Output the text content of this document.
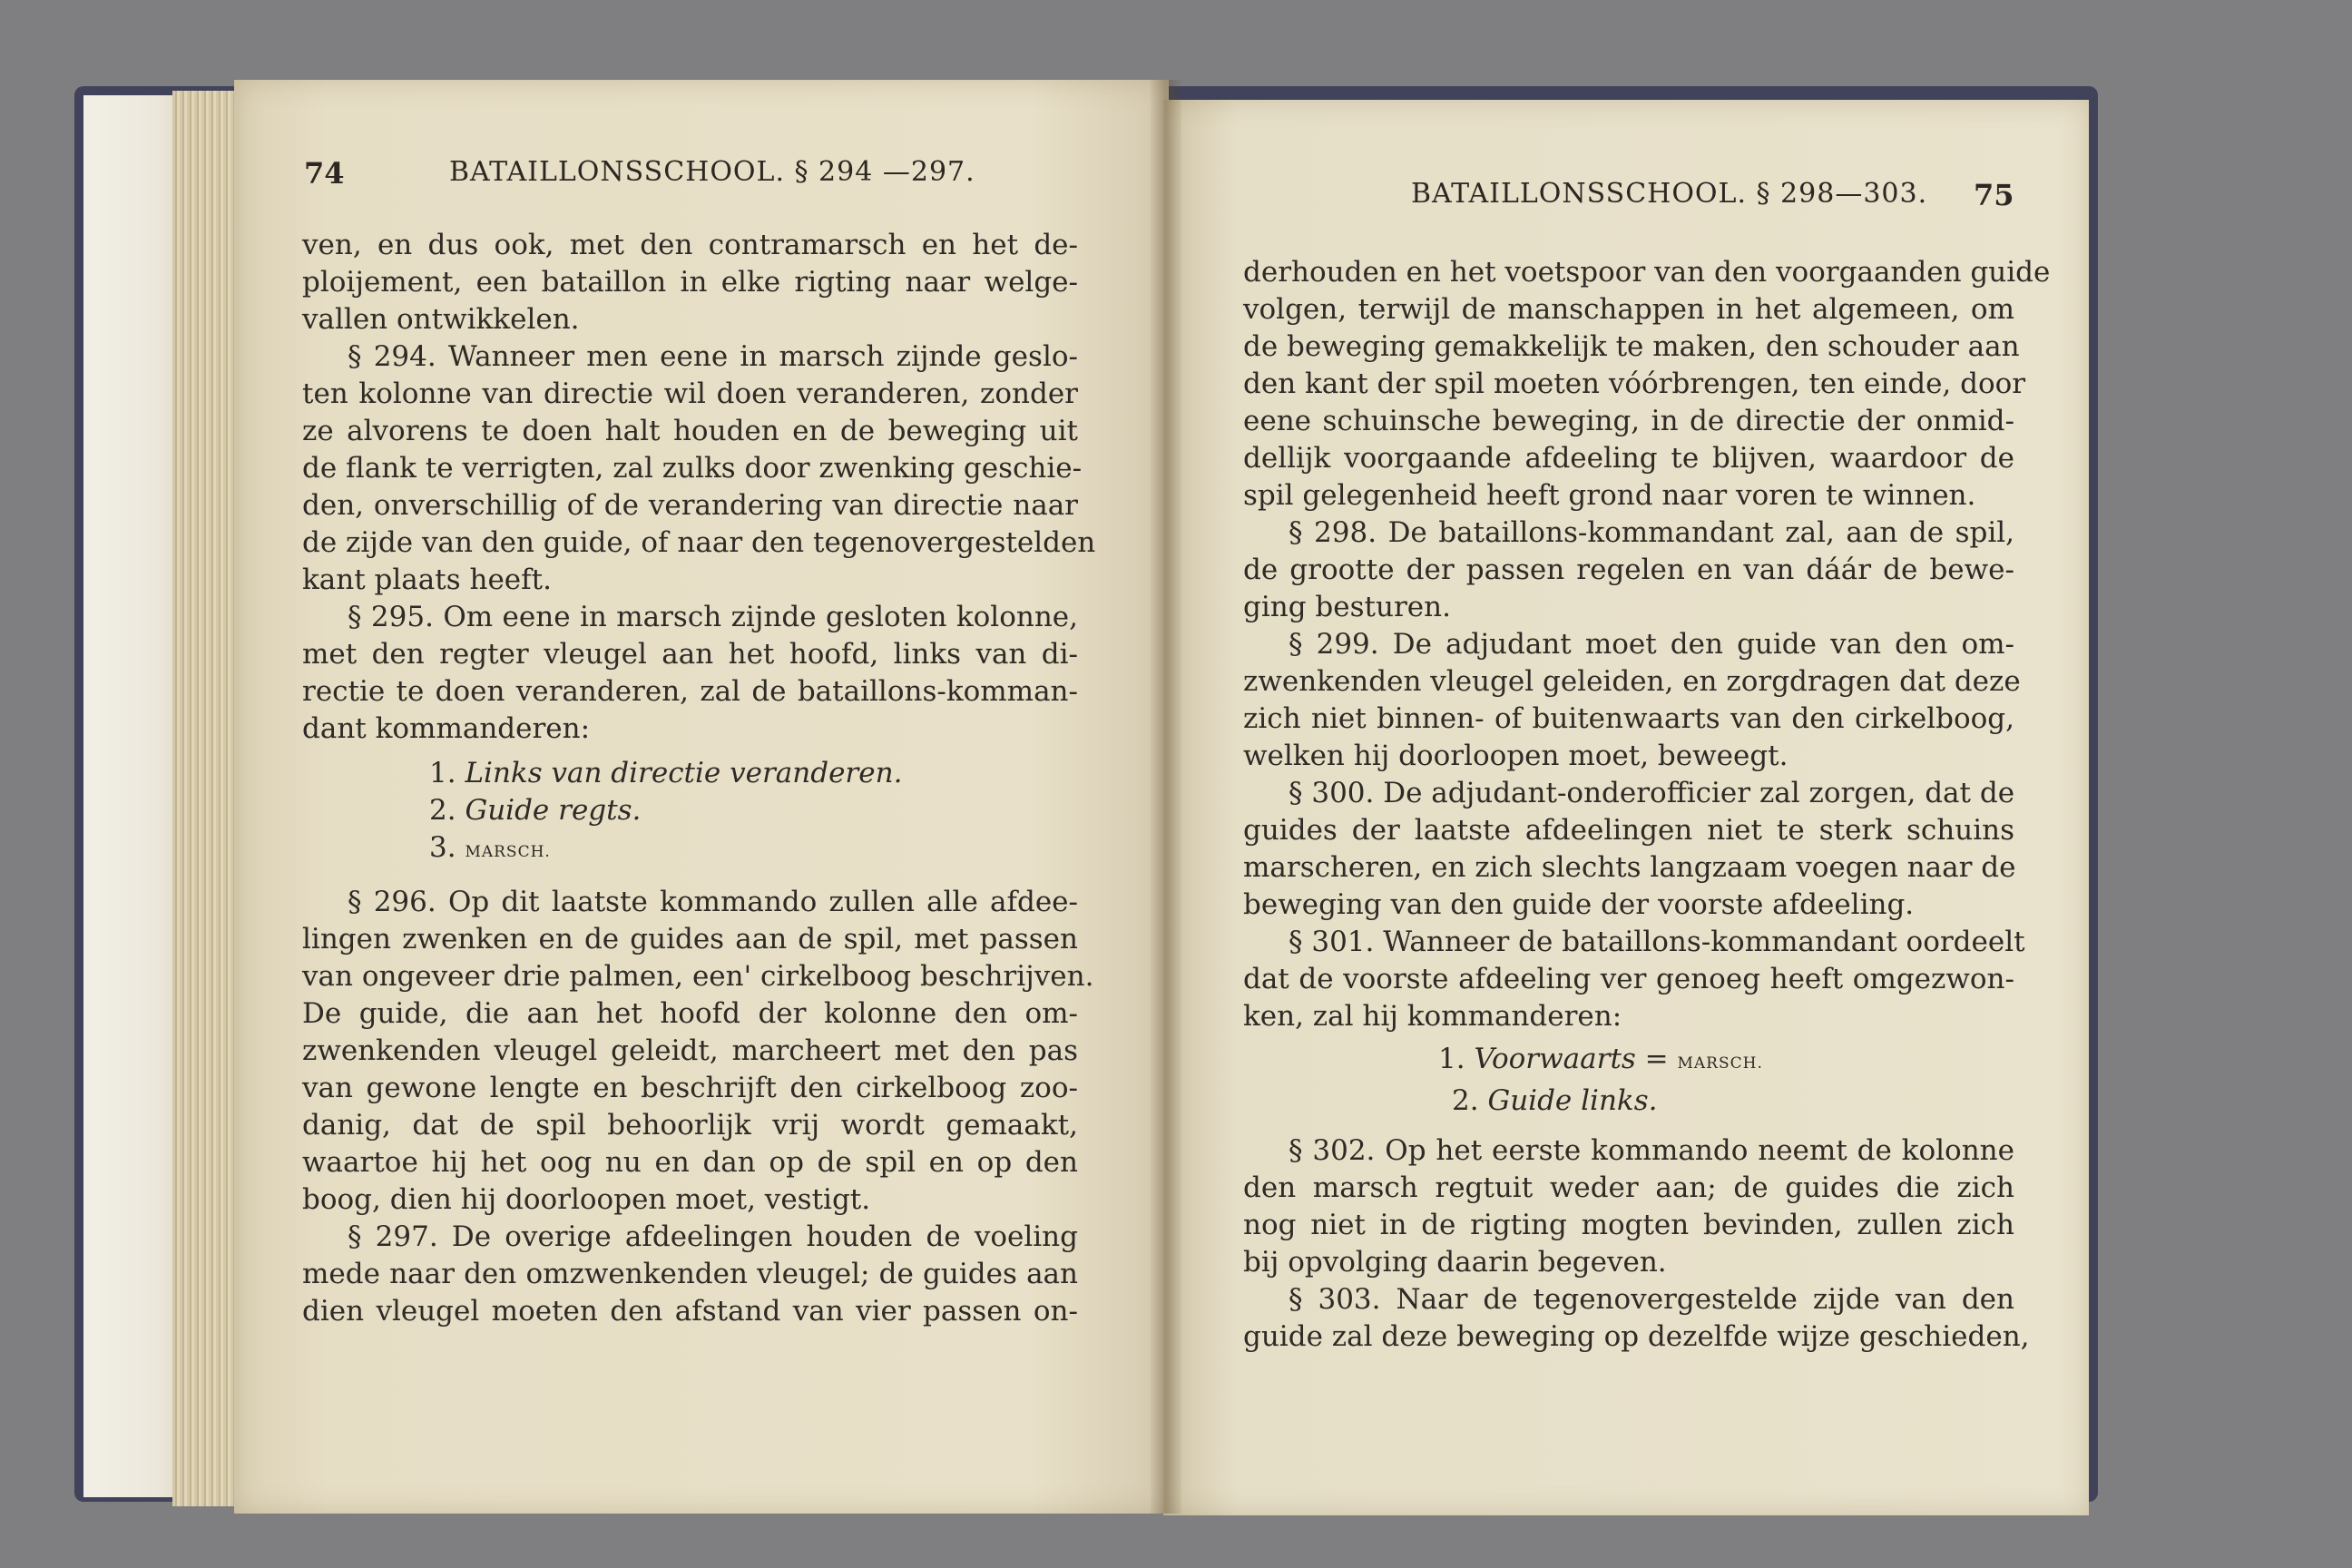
74	BATAILLONSSCHOOL. § 294 —297.

ven, en dus ook, met den contramarsch en het de-

ploijement, een bataillon in elke rigting naar welge-

vallen ontwikkelen.

§ 294. Wanneer men eene in marsch zijnde geslo-

ten kolonne van directie wil doen veranderen, zonder

ze alvorens te doen halt houden en de beweging uit

de flank te verrigten, zal zulks door zwenking geschie-

den, onverschillig of de verandering van directie naar

de zijde van den guide, of naar den tegenovergestelden

kant plaats heeft.

§ 295. Om eene in marsch zijnde gesloten kolonne,

met den regter vleugel aan het hoofd, links van di-

rectie te doen veranderen, zal de bataillons-komman-

dant kommanderen:

1. Links van directie veranderen.
2. Guide regts.
3. MARSCH.

§ 296. Op dit laatste kommando zullen alle afdee-

lingen zwenken en de guides aan de spil, met passen

van ongeveer drie palmen, een' cirkelboog beschrijven.

De guide, die aan het hoofd der kolonne den om-

zwenkenden vleugel geleidt, marcheert met den pas

van gewone lengte en beschrijft den cirkelboog zoo-

danig, dat de spil behoorlijk vrij wordt gemaakt,

waartoe hij het oog nu en dan op de spil en op den

boog, dien hij doorloopen moet, vestigt.

§ 297. De overige afdeelingen houden de voeling

mede naar den omzwenkenden vleugel; de guides aan

dien vleugel moeten den afstand van vier passen on-

BATAILLONSSCHOOL. § 298—303. 75

derhouden en het voetspoor van den voorgaanden guide

volgen, terwijl de manschappen in het algemeen, om

de beweging gemakkelijk te maken, den schouder aan

den kant der spil moeten vóórbrengen, ten einde, door

eene schuinsche beweging, in de directie der onmid-

dellijk voorgaande afdeeling te blijven, waardoor de

spil gelegenheid heeft grond naar voren te winnen.

§ 298. De bataillons-kommandant zal, aan de spil,

de grootte der passen regelen en van dáár de bewe-

ging besturen.

§ 299. De adjudant moet den guide van den om-

zwenkenden vleugel geleiden, en zorgdragen dat deze

zich niet binnen- of buitenwaarts van den cirkelboog,

welken hij doorloopen moet, beweegt.

§ 300. De adjudant-onderofficier zal zorgen, dat de

guides der laatste afdeelingen niet te sterk schuins

marscheren, en zich slechts langzaam voegen naar de

beweging van den guide der voorste afdeeling.

§ 301. Wanneer de bataillons-kommandant oordeelt

dat de voorste afdeeling ver genoeg heeft omgezwon-

ken, zal hij kommanderen:

1. Voorwaarts = MARSCH.
2. Guide links.

§ 302. Op het eerste kommando neemt de kolonne

den marsch regtuit weder aan; de guides die zich

nog niet in de rigting mogten bevinden, zullen zich

bij opvolging daarin begeven.

§ 303. Naar de tegenovergestelde zijde van den

guide zal deze beweging op dezelfde wijze geschieden,
